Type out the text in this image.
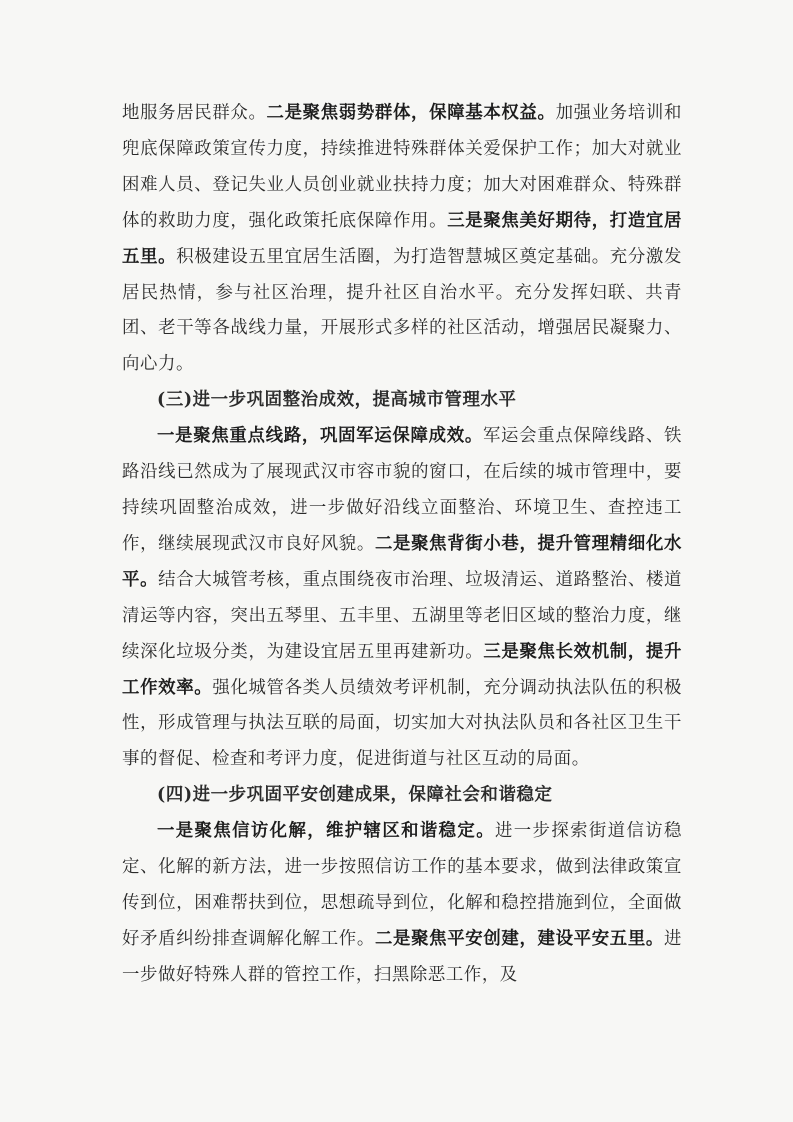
地服务居民群众。二是聚焦弱势群体，保障基本权益。加强业务培训和兜底保障政策宣传力度，持续推进特殊群体关爱保护工作；加大对就业困难人员、登记失业人员创业就业扶持力度；加大对困难群众、特殊群体的救助力度，强化政策托底保障作用。三是聚焦美好期待，打造宜居五里。积极建设五里宜居生活圈，为打造智慧城区奠定基础。充分激发居民热情，参与社区治理，提升社区自治水平。充分发挥妇联、共青团、老干等各战线力量，开展形式多样的社区活动，增强居民凝聚力、向心力。

(三)进一步巩固整治成效，提高城市管理水平

一是聚焦重点线路，巩固军运保障成效。军运会重点保障线路、铁路沿线已然成为了展现武汉市容市貌的窗口，在后续的城市管理中，要持续巩固整治成效，进一步做好沿线立面整治、环境卫生、查控违工作，继续展现武汉市良好风貌。二是聚焦背街小巷，提升管理精细化水平。结合大城管考核，重点围绕夜市治理、垃圾清运、道路整治、楼道清运等内容，突出五琴里、五丰里、五湖里等老旧区域的整治力度，继续深化垃圾分类，为建设宜居五里再建新功。三是聚焦长效机制，提升工作效率。强化城管各类人员绩效考评机制，充分调动执法队伍的积极性，形成管理与执法互联的局面，切实加大对执法队员和各社区卫生干事的督促、检查和考评力度，促进街道与社区互动的局面。

(四)进一步巩固平安创建成果，保障社会和谐稳定

一是聚焦信访化解，维护辖区和谐稳定。进一步探索街道信访稳定、化解的新方法，进一步按照信访工作的基本要求，做到法律政策宣传到位，困难帮扶到位，思想疏导到位，化解和稳控措施到位，全面做好矛盾纠纷排查调解化解工作。二是聚焦平安创建，建设平安五里。进一步做好特殊人群的管控工作，扫黑除恶工作，及
